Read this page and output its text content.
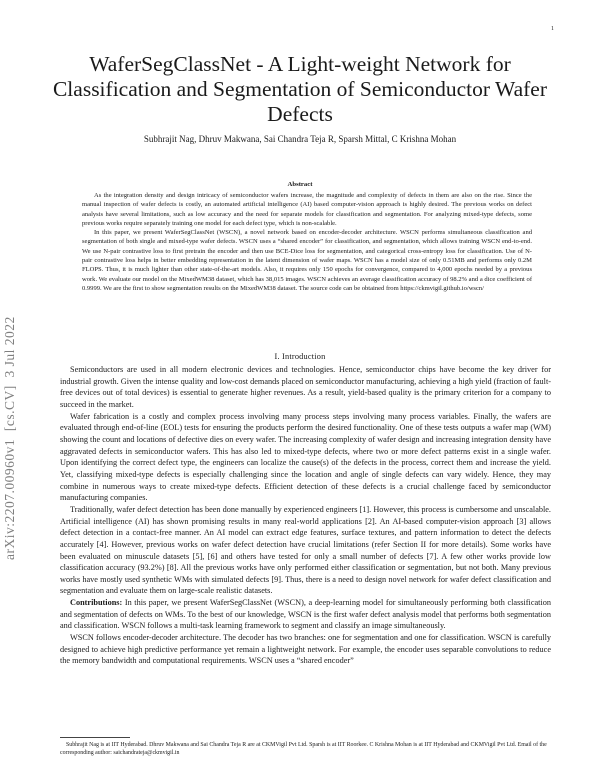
1
arXiv:2207.00960v1  [cs.CV]  3 Jul 2022
WaferSegClassNet - A Light-weight Network for Classification and Segmentation of Semiconductor Wafer Defects

Subhrajit Nag, Dhruv Makwana, Sai Chandra Teja R, Sparsh Mittal, C Krishna Mohan

Abstract

As the integration density and design intricacy of semiconductor wafers increase, the magnitude and complexity of defects in them are also on the rise. Since the manual inspection of wafer defects is costly, an automated artificial intelligence (AI) based computer-vision approach is highly desired. The previous works on defect analysis have several limitations, such as low accuracy and the need for separate models for classification and segmentation. For analyzing mixed-type defects, some previous works require separately training one model for each defect type, which is non-scalable.

In this paper, we present WaferSegClassNet (WSCN), a novel network based on encoder-decoder architecture. WSCN performs simultaneous classification and segmentation of both single and mixed-type wafer defects. WSCN uses a “shared encoder” for classification, and segmentation, which allows training WSCN end-to-end. We use N-pair contrastive loss to first pretrain the encoder and then use BCE-Dice loss for segmentation, and categorical cross-entropy loss for classification. Use of N-pair contrastive loss helps in better embedding representation in the latent dimension of wafer maps. WSCN has a model size of only 0.51MB and performs only 0.2M FLOPS. Thus, it is much lighter than other state-of-the-art models. Also, it requires only 150 epochs for convergence, compared to 4,000 epochs needed by a previous work. We evaluate our model on the MixedWM38 dataset, which has 38,015 images. WSCN achieves an average classification accuracy of 98.2% and a dice coefficient of 0.9999. We are the first to show segmentation results on the MixedWM38 dataset. The source code can be obtained from https://ckmvigil.github.io/wscn/

I. Introduction

Semiconductors are used in all modern electronic devices and technologies. Hence, semiconductor chips have become the key driver for industrial growth. Given the intense quality and low-cost demands placed on semiconductor manufacturing, achieving a high yield (fraction of fault-free devices out of total devices) is essential to generate higher revenues. As a result, yield-based quality is the primary criterion for a company to succeed in the market.

Wafer fabrication is a costly and complex process involving many process steps involving many process variables. Finally, the wafers are evaluated through end-of-line (EOL) tests for ensuring the products perform the desired functionality. One of these tests outputs a wafer map (WM) showing the count and locations of defective dies on every wafer. The increasing complexity of wafer design and increasing integration density have aggravated defects in semiconductor wafers. This has also led to mixed-type defects, where two or more defect patterns exist in a single wafer. Upon identifying the correct defect type, the engineers can localize the cause(s) of the defects in the process, correct them and increase the yield. Yet, classifying mixed-type defects is especially challenging since the location and angle of single defects can vary widely. Hence, they may combine in numerous ways to create mixed-type defects. Efficient detection of these defects is a crucial challenge faced by semiconductor manufacturing companies.

Traditionally, wafer defect detection has been done manually by experienced engineers [1]. However, this process is cumbersome and unscalable. Artificial intelligence (AI) has shown promising results in many real-world applications [2]. An AI-based computer-vision approach [3] allows defect detection in a contact-free manner. An AI model can extract edge features, surface textures, and pattern information to detect the defects accurately [4]. However, previous works on wafer defect detection have crucial limitations (refer Section II for more details). Some works have been evaluated on minuscule datasets [5], [6] and others have tested for only a small number of defects [7]. A few other works provide low classification accuracy (93.2%) [8]. All the previous works have only performed either classification or segmentation, but not both. Many previous works have mostly used synthetic WMs with simulated defects [9]. Thus, there is a need to design novel network for wafer defect classification and segmentation and evaluate them on large-scale realistic datasets.

Contributions: In this paper, we present WaferSegClassNet (WSCN), a deep-learning model for simultaneously performing both classification and segmentation of defects on WMs. To the best of our knowledge, WSCN is the first wafer defect analysis model that performs both segmentation and classification. WSCN follows a multi-task learning framework to segment and classify an image simultaneously.

WSCN follows encoder-decoder architecture. The decoder has two branches: one for segmentation and one for classification. WSCN is carefully designed to achieve high predictive performance yet remain a lightweight network. For example, the encoder uses separable convolutions to reduce the memory bandwidth and computational requirements. WSCN uses a “shared encoder”

Subhrajit Nag is at IIT Hyderabad. Dhruv Makwana and Sai Chandra Teja R are at CKMVigil Pvt Ltd. Sparsh is at IIT Roorkee. C Krishna Mohan is at IIT Hyderabad and CKMVigil Pvt Ltd. Email of the corresponding author: saichandrateja@ckmvigil.in
